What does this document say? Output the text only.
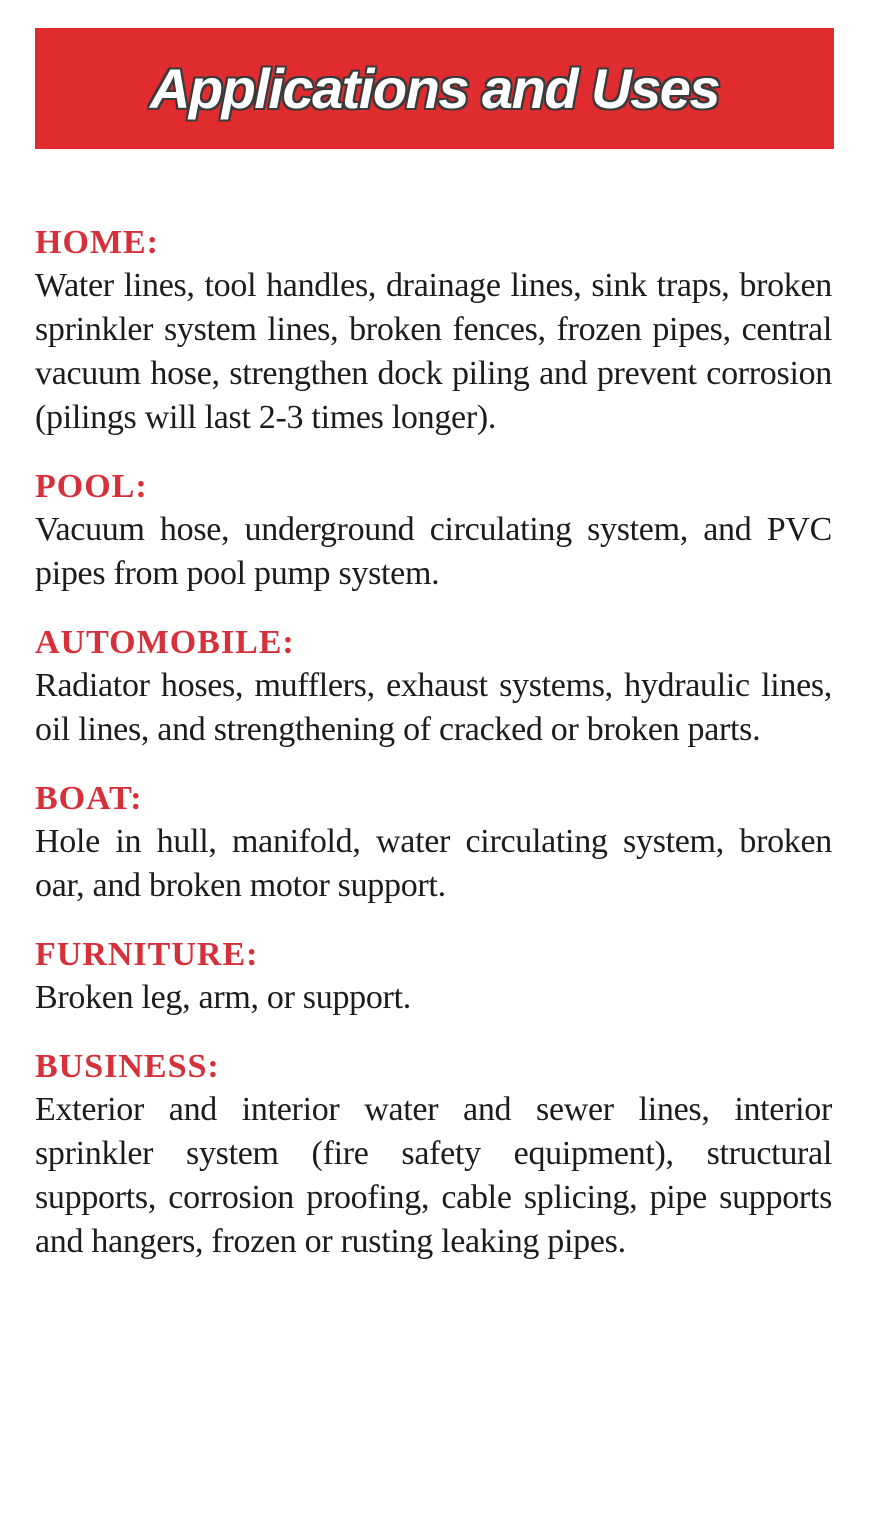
Applications and Uses
HOME:
Water lines, tool handles, drainage lines, sink traps, broken sprinkler system lines, broken fences, frozen pipes, central vacuum hose, strengthen dock piling and prevent corrosion (pilings will last 2-3 times longer).
POOL:
Vacuum hose, underground circulating system, and PVC pipes from pool pump system.
AUTOMOBILE:
Radiator hoses, mufflers, exhaust systems, hydraulic lines, oil lines, and strengthening of cracked or broken parts.
BOAT:
Hole in hull, manifold, water circulating system, broken oar, and broken motor support.
FURNITURE:
Broken leg, arm, or support.
BUSINESS:
Exterior and interior water and sewer lines, interior sprinkler system (fire safety equipment), structural supports, corrosion proofing, cable splicing, pipe supports and hangers, frozen or rusting leaking pipes.
